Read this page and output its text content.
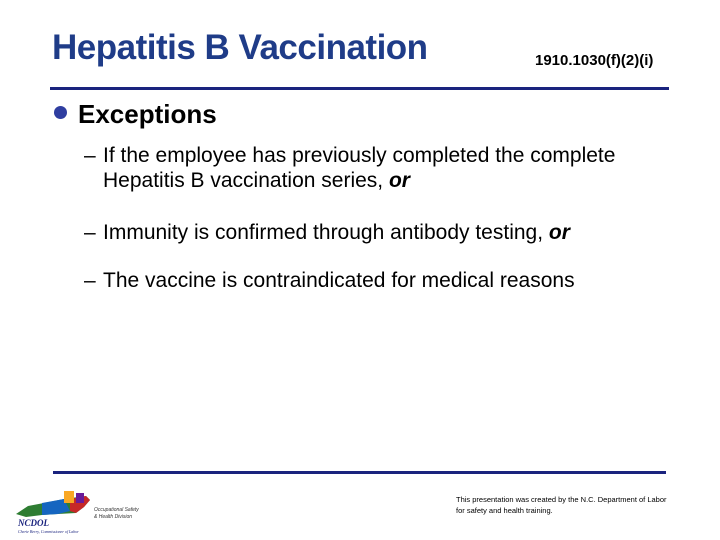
Hepatitis B Vaccination	1910.1030(f)(2)(i)
Exceptions
– If the employee has previously completed the complete
Hepatitis B vaccination series, or
– Immunity is confirmed through antibody testing, or
– The vaccine is contraindicated for medical reasons
NCDOL
Cherie Berry, Commissioner of Labor
Occupational Safety
& Health Division
This presentation was created by the N.C. Department of Labor for safety and health training.
